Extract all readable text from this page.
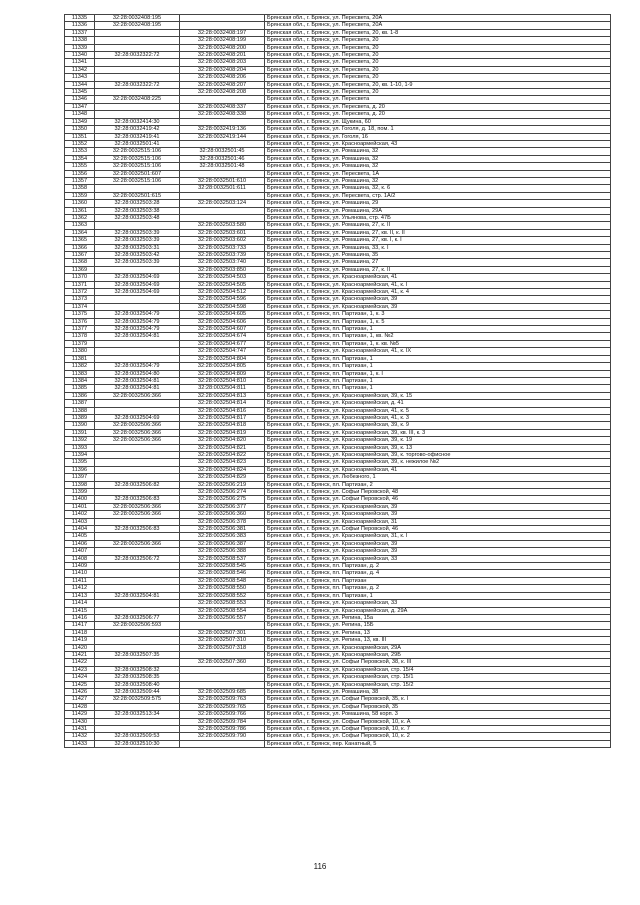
11335	32:28:0032408:195		Брянская обл., г. Брянск, ул. Пересвета, 20А
11336	32:28:0032408:195		Брянская обл., г. Брянск, ул. Пересвета, 20А
11337		32:28:0032408:197	Брянская обл., г. Брянск, ул. Пересвета, 20, кв. 1-8
11338		32:28:0032408:199	Брянская обл., г. Брянск, ул. Пересвета, 20
11339		32:28:0032408:200	Брянская обл., г. Брянск, ул. Пересвета, 20
11340	32:28:0032322:72	32:28:0032408:201	Брянская обл., г. Брянск, ул. Пересвета, 20
11341		32:28:0032408:203	Брянская обл., г. Брянск, ул. Пересвета, 20
11342		32:28:0032408:204	Брянская обл., г. Брянск, ул. Пересвета, 20
11343		32:28:0032408:206	Брянская обл., г. Брянск, ул. Пересвета, 20
11344	32:28:0032322:72	32:28:0032408:207	Брянская обл., г. Брянск, ул. Пересвета, 20, кв. 1-10, 1-9
11345		32:28:0032408:208	Брянская обл., г. Брянск, ул. Пересвета, 20
11346	32:28:0032408:225		Брянская обл., г. Брянск, ул. Пересвета
11347		32:28:0032408:337	Брянская обл., г. Брянск, ул. Пересвета, д. 20
11348		32:28:0032408:338	Брянская обл., г. Брянск, ул. Пересвета, д. 20
11349	32:28:0032414:30		Брянская обл., г. Брянск, ул. Щукина, 60
11350	32:28:0032419:42	32:28:0032419:136	Брянская обл., г. Брянск, ул. Гоголя, д. 18, пом. 1
11351	32:28:0032419:41	32:28:0032419:144	Брянская обл., г. Брянск, ул. Гоголя, 16
11352	32:28:0032501:41		Брянская обл., г. Брянск, ул. Красноармейская, 43
11353	32:28:0032515:106	32:28:0032501:45	Брянская обл., г. Брянск, ул. Ромашина, 32
11354	32:28:0032515:106	32:28:0032501:46	Брянская обл., г. Брянск, ул. Ромашина, 32
11355	32:28:0032515:106	32:28:0032501:48	Брянская обл., г. Брянск, ул. Ромашина, 32
11356	32:28:0032501:607		Брянская обл., г. Брянск, ул. Пересвета, 1А
11357	32:28:0032515:106	32:28:0032501:610	Брянская обл., г. Брянск, ул. Ромашина, 32
11358		32:28:0032501:611	Брянская обл., г. Брянск, ул. Ромашина, 32, к. 6
11359	32:28:0032501:615		Брянская обл., г. Брянск, ул. Пересвета, стр. 1А/2
11360	32:28:0032503:28	32:28:0032503:124	Брянская обл., г. Брянск, ул. Ромашина, 29
11361	32:28:0032503:38		Брянская обл., г. Брянск, ул. Ромашина, 29А
11362	32:28:0032503:48		Брянская обл., г. Брянск, ул. Ульянова, стр. 47Б
11363		32:28:0032503:580	Брянская обл., г. Брянск, ул. Ромашина, 27, к. II
11364	32:28:0032503:39	32:28:0032503:601	Брянская обл., г. Брянск, ул. Ромашина, 27, кв. II, к. II
11365	32:28:0032503:39	32:28:0032503:602	Брянская обл., г. Брянск, ул. Ромашина, 27, кв. I, к. I
11366	32:28:0032503:31	32:28:0032503:733	Брянская обл., г. Брянск, ул. Ромашина, 33, к. I
11367	32:28:0032503:42	32:28:0032503:739	Брянская обл., г. Брянск, ул. Ромашина, 35
11368	32:28:0032503:39	32:28:0032503:740	Брянская обл., г. Брянск, ул. Ромашина, 27
11369		32:28:0032503:850	Брянская обл., г. Брянск, ул. Ромашина, 27, к. II
11370	32:28:0032504:69	32:28:0032504:503	Брянская обл., г. Брянск, ул. Красноармейская, 41
11371	32:28:0032504:69	32:28:0032504:505	Брянская обл., г. Брянск, ул. Красноармейская, 41, к. I
11372	32:28:0032504:69	32:28:0032504:512	Брянская обл., г. Брянск, ул. Красноармейская, 41, к. 4
11373		32:28:0032504:596	Брянская обл., г. Брянск, ул. Красноармейская, 39
11374		32:28:0032504:598	Брянская обл., г. Брянск, ул. Красноармейская, 39
11375	32:28:0032504:79	32:28:0032504:605	Брянская обл., г. Брянск, пл. Партизан, 1, к. 3
11376	32:28:0032504:79	32:28:0032504:606	Брянская обл., г. Брянск, пл. Партизан, 1, к. 5
11377	32:28:0032504:79	32:28:0032504:607	Брянская обл., г. Брянск, пл. Партизан, 1
11378	32:28:0032504:81	32:28:0032504:674	Брянская обл., г. Брянск, пл. Партизан, 1, кв. №2
11379		32:28:0032504:677	Брянская обл., г. Брянск, пл. Партизан, 1, к. кв. №5
11380		32:28:0032504:747	Брянская обл., г. Брянск, ул. Красноармейская, 41, к. IX
11381		32:28:0032504:804	Брянская обл., г. Брянск, пл. Партизан, 1
11382	32:28:0032504:79	32:28:0032504:805	Брянская обл., г. Брянск, пл. Партизан, 1
11383	32:28:0032504:80	32:28:0032504:809	Брянская обл., г. Брянск, пл. Партизан, 1, к. I
11384	32:28:0032504:81	32:28:0032504:810	Брянская обл., г. Брянск, пл. Партизан, 1
11385	32:28:0032504:81	32:28:0032504:811	Брянская обл., г. Брянск, пл. Партизан, 1
11386	32:28:0032506:366	32:28:0032504:813	Брянская обл., г. Брянск, ул. Красноармейская, 39, к. 15
11387		32:28:0032504:814	Брянская обл., г. Брянск, ул. Красноармейская, д. 41
11388		32:28:0032504:816	Брянская обл., г. Брянск, ул. Красноармейская, 41, к. 5
11389	32:28:0032504:69	32:28:0032504:817	Брянская обл., г. Брянск, ул. Красноармейская, 41, к. 3
11390	32:28:0032506:366	32:28:0032504:818	Брянская обл., г. Брянск, ул. Красноармейская, 39, к. 9
11391	32:28:0032506:366	32:28:0032504:819	Брянская обл., г. Брянск, ул. Красноармейская, 39, кв. III, к. 3
11392	32:28:0032506:366	32:28:0032504:820	Брянская обл., г. Брянск, ул. Красноармейская, 39, к. 19
11393		32:28:0032504:821	Брянская обл., г. Брянск, ул. Красноармейская, 39, к. 13
11394		32:28:0032504:822	Брянская обл., г. Брянск, ул. Красноармейская, 39, к. торгово-офисное
11395		32:28:0032504:823	Брянская обл., г. Брянск, ул. Красноармейская, 39, к. нежилое №2
11396		32:28:0032504:824	Брянская обл., г. Брянск, ул. Красноармейская, 41
11397		32:28:0032504:829	Брянская обл., г. Брянск, ул. Любезного, 1
11398	32:28:0032506:82	32:28:0032506:219	Брянская обл., г. Брянск, пл. Партизан, 2
11399		32:28:0032506:274	Брянская обл., г. Брянск, ул. Софьи Перовской, 48
11400	32:28:0032506:83	32:28:0032506:275	Брянская обл., г. Брянск, ул. Софьи Перовской, 46
11401	32:28:0032506:366	32:28:0032506:377	Брянская обл., г. Брянск, ул. Красноармейская, 39
11402	32:28:0032506:366	32:28:0032506:360	Брянская обл., г. Брянск, ул. Красноармейская, 39
11403		32:28:0032506:378	Брянская обл., г. Брянск, ул. Красноармейская, 31
11404	32:28:0032506:83	32:28:0032506:381	Брянская обл., г. Брянск, ул. Софьи Перовской, 46
11405		32:28:0032506:383	Брянская обл., г. Брянск, ул. Красноармейская, 31, к. I
11406	32:28:0032506:366	32:28:0032506:387	Брянская обл., г. Брянск, ул. Красноармейская, 39
11407		32:28:0032506:388	Брянская обл., г. Брянск, ул. Красноармейская, 39
11408	32:28:0032506:72	32:28:0032508:537	Брянская обл., г. Брянск, ул. Красноармейская, 33
11409		32:28:0032508:545	Брянская обл., г. Брянск, пл. Партизан, д. 2
11410		32:28:0032508:546	Брянская обл., г. Брянск, пл. Партизан, д. 4
11411		32:28:0032508:548	Брянская обл., г. Брянск, пл. Партизан
11412		32:28:0032508:550	Брянская обл., г. Брянск, пл. Партизан, д. 2
11413	32:28:0032504:81	32:28:0032508:552	Брянская обл., г. Брянск, пл. Партизан, 1
11414		32:28:0032508:553	Брянская обл., г. Брянск, ул. Красноармейская, 33
11415		32:28:0032508:554	Брянская обл., г. Брянск, ул. Красноармейская, д. 29А
11416	32:28:0032506:77	32:28:0032506:557	Брянская обл., г. Брянск, ул. Репина, 15а
11417	32:28:0032506:593		Брянская обл., г. Брянск, ул. Репина, 15Б
11418		32:28:0032507:301	Брянская обл., г. Брянск, ул. Репина, 13
11419		32:28:0032507:310	Брянская обл., г. Брянск, ул. Репина, 13, кв. III
11420		32:28:0032507:318	Брянская обл., г. Брянск, ул. Красноармейская, 29А
11421	32:28:0032507:35		Брянская обл., г. Брянск, ул. Красноармейская, 29Б
11422		32:28:0032507:360	Брянская обл., г. Брянск, ул. Софьи Перовской, 38, к. III
11423	32:28:0032508:32		Брянская обл., г. Брянск, ул. Красноармейская, стр. 15/4
11424	32:28:0032508:35		Брянская обл., г. Брянск, ул. Красноармейская, стр. 15/1
11425	32:28:0032508:40		Брянская обл., г. Брянск, ул. Красноармейская, стр. 15/2
11426	32:28:0032509:44	32:28:0032509:685	Брянская обл., г. Брянск, ул. Ромашина, 38
11427	32:28:0032509:575	32:28:0032509:763	Брянская обл., г. Брянск, ул. Софьи Перовской, 35, к. I
11428		32:28:0032509:765	Брянская обл., г. Брянск, ул. Софьи Перовской, 35
11429	32:28:0032513:34	32:28:0032509:766	Брянская обл., г. Брянск, ул. Ромашина, 58 корп. 3
11430		32:28:0032509:784	Брянская обл., г. Брянск, ул. Софьи Перовской, 10, к. А
11431		32:28:0032509:786	Брянская обл., г. Брянск, ул. Софьи Перовской, 10, к. 7
11432	32:28:0032509:53	32:28:0032509:790	Брянская обл., г. Брянск, ул. Софьи Перовской, 10, к. 2
11433	32:28:0032510:30		Брянская обл., г. Брянск, пер. Канатный, 5
116
